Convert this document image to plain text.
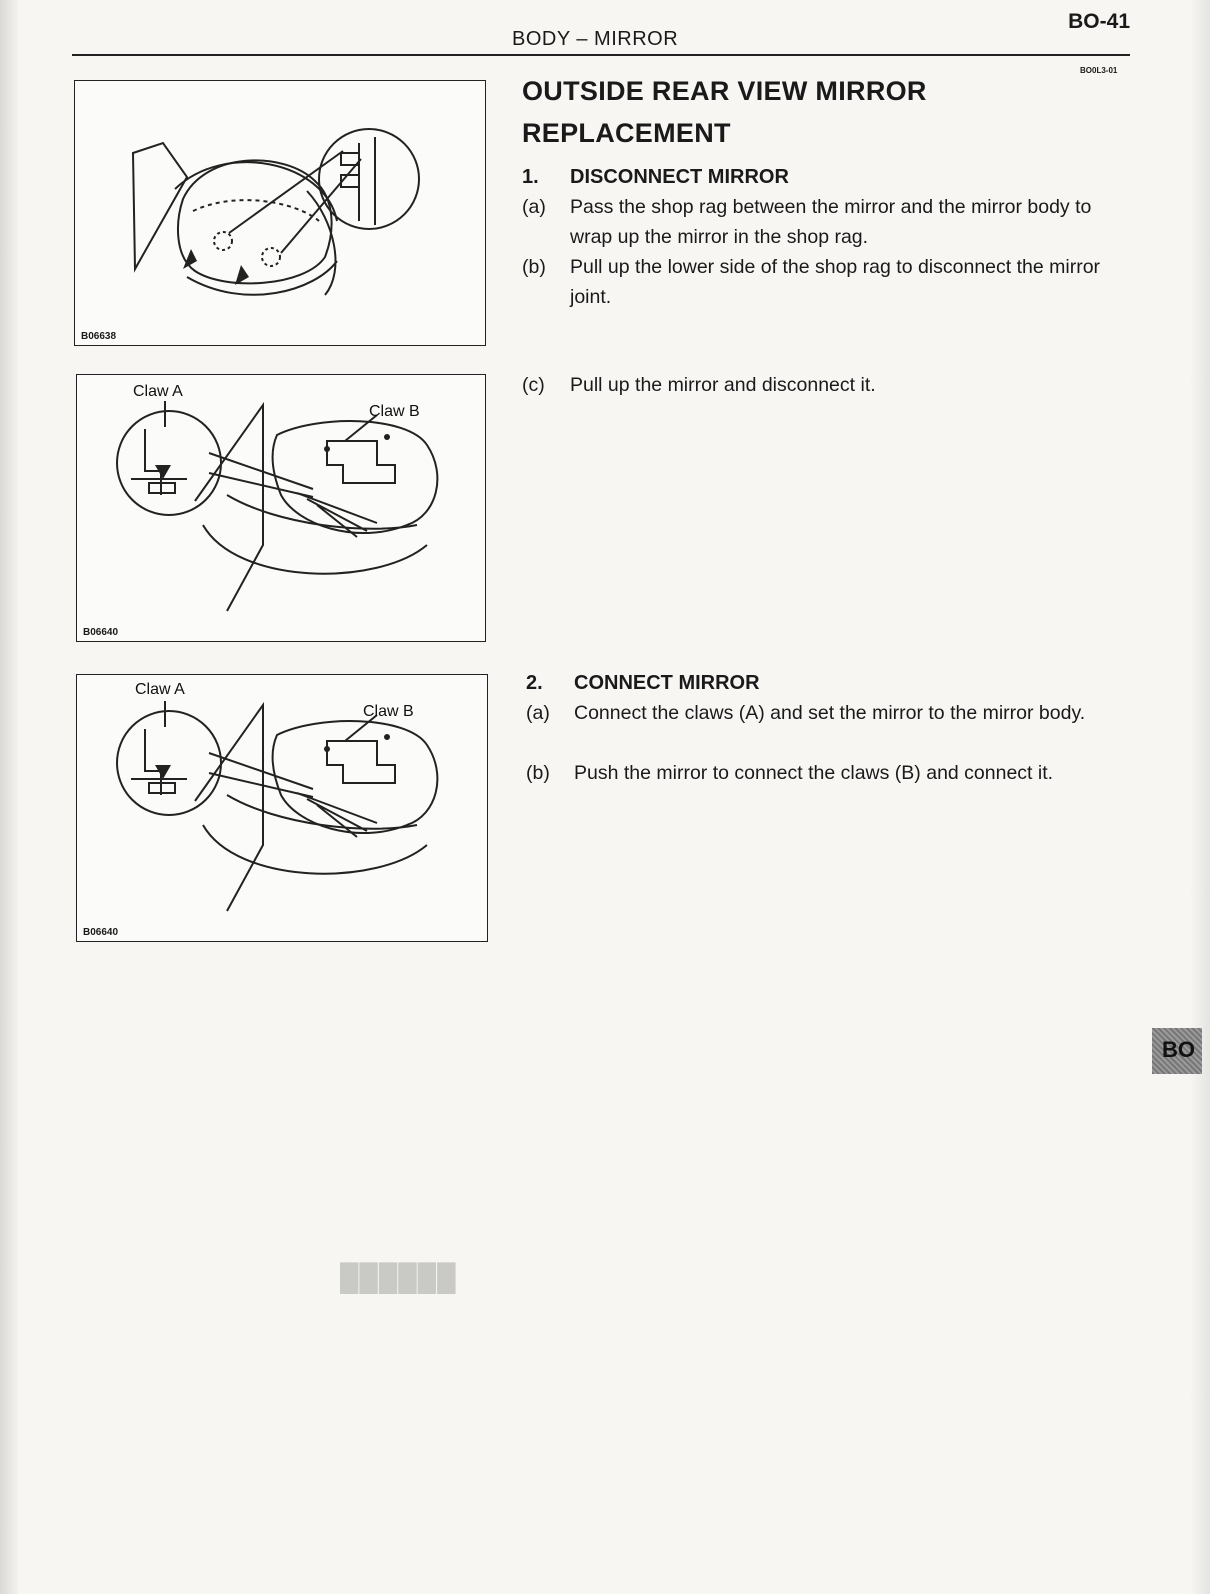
██████
BODY – MIRROR
BO-41
BO0L3-01
OUTSIDE REAR VIEW MIRROR REPLACEMENT
1. DISCONNECT MIRROR
(a) Pass the shop rag between the mirror and the mirror body to wrap up the mirror in the shop rag.
(b) Pull up the lower side of the shop rag to disconnect the mirror joint.
(c) Pull up the mirror and disconnect it.
2. CONNECT MIRROR
(a) Connect the claws (A) and set the mirror to the mirror body.
(b) Push the mirror to connect the claws (B) and connect it.
B06638
Claw A
Claw B
B06640
Claw A
Claw B
B06640
BO
